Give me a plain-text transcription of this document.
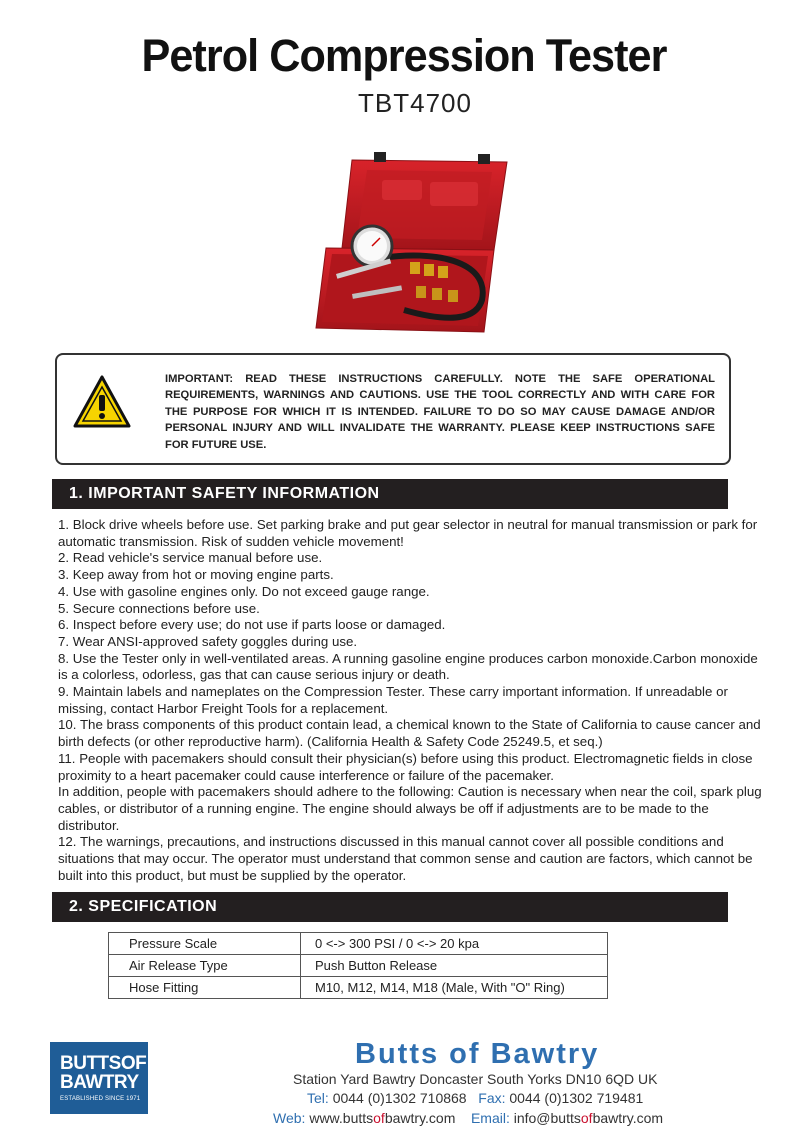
Petrol Compression Tester
TBT4700
IMPORTANT: READ THESE INSTRUCTIONS CAREFULLY. NOTE THE SAFE OPERATIONAL REQUIREMENTS, WARNINGS AND CAUTIONS. USE THE TOOL CORRECTLY AND WITH CARE FOR THE PURPOSE FOR WHICH IT IS INTENDED. FAILURE TO DO SO MAY CAUSE DAMAGE AND/OR PERSONAL INJURY AND WILL INVALIDATE THE WARRANTY. PLEASE KEEP INSTRUCTIONS SAFE FOR FUTURE USE.
1. IMPORTANT SAFETY INFORMATION

1. Block drive wheels before use. Set parking brake and put gear selector in neutral for manual transmission or park for automatic transmission. Risk of sudden vehicle movement!

2. Read vehicle's service manual before use.

3. Keep away from hot or moving engine parts.

4. Use with gasoline engines only. Do not exceed gauge range.

5. Secure connections before use.

6. Inspect before every use; do not use if parts loose or damaged.

7. Wear ANSI-approved safety goggles during use.

8. Use the Tester only in well-ventilated areas. A running gasoline engine produces carbon monoxide.Carbon monoxide is a colorless, odorless, gas that can cause serious injury or death.

9. Maintain labels and nameplates on the Compression Tester. These carry important information. If unreadable or missing, contact Harbor Freight Tools for a replacement.

10. The brass components of this product contain lead, a chemical known to the State of California to cause cancer and birth defects (or other reproductive harm). (California Health & Safety Code 25249.5, et seq.)

11. People with pacemakers should consult their physician(s) before using this product. Electromagnetic fields in close proximity to a heart pacemaker could cause interference or failure of the pacemaker.

In addition, people with pacemakers should adhere to the following: Caution is necessary when near the coil, spark plug cables, or distributor of a running engine. The engine should always be off if adjustments are to be made to the distributor.

12. The warnings, precautions, and instructions discussed in this manual cannot cover all possible conditions and situations that may occur. The operator must understand that common sense and caution are factors, which cannot be built into this product, but must be supplied by the operator.

2. SPECIFICATION
Pressure Scale	0 <-> 300 PSI / 0 <-> 20 kpa
Air Release Type	Push Button Release
Hose Fitting	M10, M12, M14, M18 (Male, With "O" Ring)
BUTTSOF
BAWTRY
ESTABLISHED SINCE 1971
Butts of Bawtry
Station Yard Bawtry Doncaster South Yorks DN10 6QD UK
Tel: 0044 (0)1302 710868 Fax: 0044 (0)1302 719481
Web: www.buttsofbawtry.com Email: info@buttsofbawtry.com
